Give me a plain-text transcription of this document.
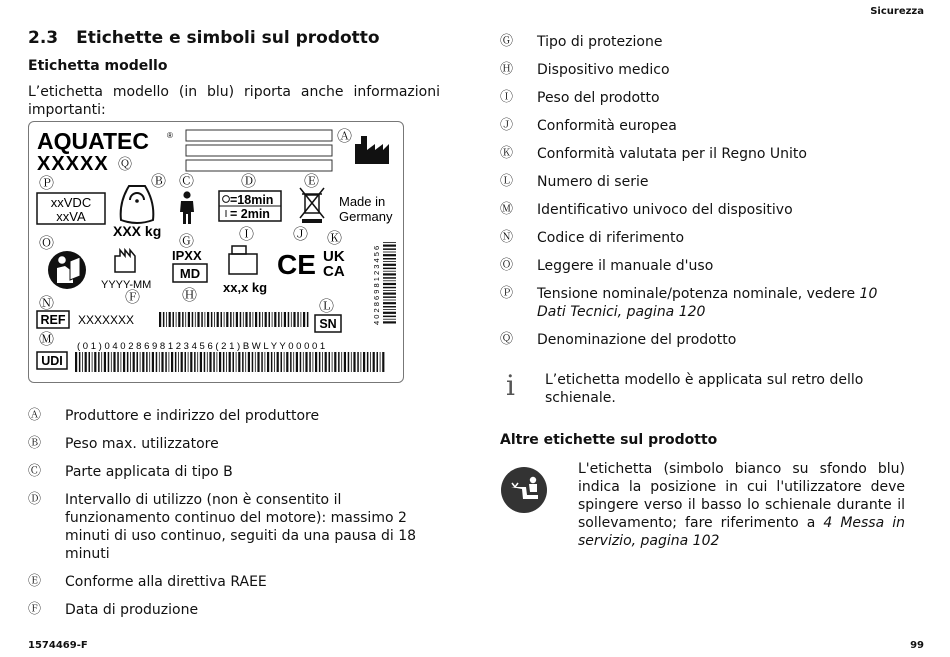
Sicurezza
2.3 Etichette e simboli sul prodotto
Etichetta modello
L’etichetta modello (in blu) riporta anche informazioni importanti:
AQUATEC ®
XXXXX Ⓠ
Ⓐ
Ⓟ	Ⓑ Ⓒ	Ⓓ	Ⓔ
xxVDC
xxVA
XXX kg
=18min
= 2min
Made in
Germany
Ⓞ	Ⓖ	Ⓘ	Ⓙ Ⓚ
YYYY-MM
Ⓕ
IPXX
MD
Ⓗ xx,x kg
CE UK
CA	4 0 2 8 6 9 8 1 2 3 4 5 6
Ⓝ
REF XXXXXXX
Ⓛ
SN
Ⓜ ( 0 1 ) 0 4 0 2 8 6 9 8 1 2 3 4 5 6 ( 2 1 ) B W L Y Y 0 0 0 0 1
UDI
Ⓐ	Produttore e indirizzo del produttore
Ⓑ	Peso max. utilizzatore
Ⓒ	Parte applicata di tipo B
Ⓓ	Intervallo di utilizzo (non è consentito il funzionamento continuo del motore): massimo 2 minuti di uso continuo, seguiti da una pausa di 18 minuti
Ⓔ	Conforme alla direttiva RAEE
Ⓕ	Data di produzione
Ⓖ	Tipo di protezione
Ⓗ	Dispositivo medico
Ⓘ	Peso del prodotto
Ⓙ	Conformità europea
Ⓚ	Conformità valutata per il Regno Unito
Ⓛ	Numero di serie
Ⓜ	Identificativo univoco del dispositivo
Ⓝ	Codice di riferimento
Ⓞ	Leggere il manuale d'uso
Ⓟ	Tensione nominale/potenza nominale, vedere 10 Dati Tecnici, pagina 120
Ⓠ	Denominazione del prodotto
ⅰ	L’etichetta modello è applicata sul retro dello schienale.
Altre etichette sul prodotto
L'etichetta (simbolo bianco su sfondo blu) indica la posizione in cui l'utilizzatore deve spingere verso il basso lo schienale durante il sollevamento; fare riferimento a 4 Messa in servizio, pagina 102
1574469-F	99
